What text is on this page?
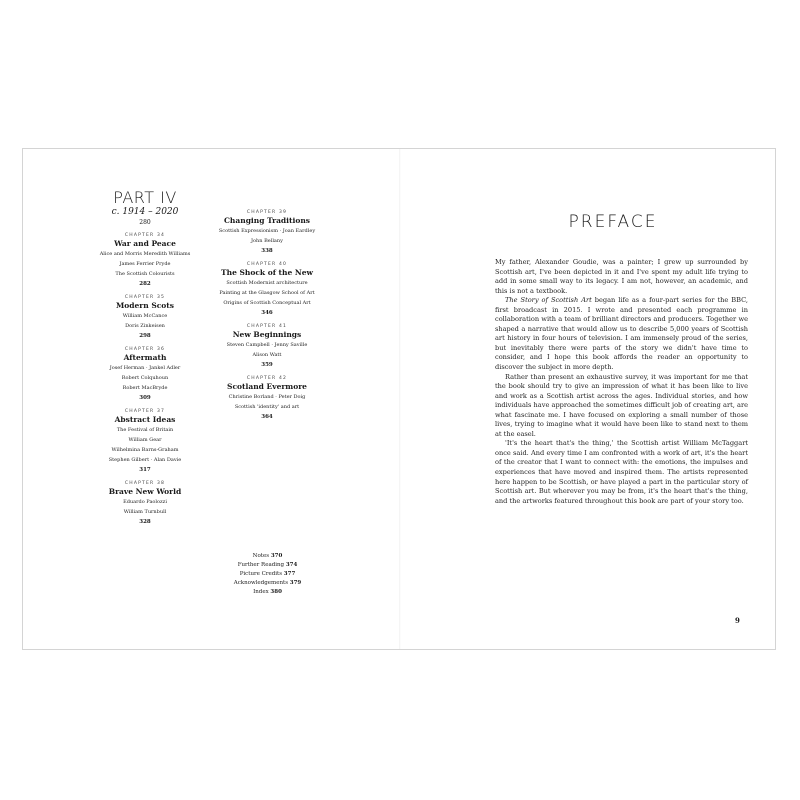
PART IV
c. 1914 – 2020
280
CHAPTER 34
War and Peace
Alice and Morris Meredith Williams
James Ferrier Pryde
The Scottish Colourists
282
CHAPTER 35
Modern Scots
William McCance
Doris Zinkeisen
298
CHAPTER 36
Aftermath
Josef Herman · Jankel Adler
Robert Colquhoun
Robert MacBryde
309
CHAPTER 37
Abstract Ideas
The Festival of Britain
William Gear
Wilhelmina Barns-Graham
Stephen Gilbert · Alan Davie
317
CHAPTER 38
Brave New World
Eduardo Paolozzi
William Turnbull
328
CHAPTER 39
Changing Traditions
Scottish Expressionism · Joan Eardley
John Bellany
338
CHAPTER 40
The Shock of the New
Scottish Modernist architecture
Painting at the Glasgow School of Art
Origins of Scottish Conceptual Art
346
CHAPTER 41
New Beginnings
Steven Campbell · Jenny Saville
Alison Watt
359
CHAPTER 42
Scotland Evermore
Christine Borland · Peter Doig
Scottish 'identity' and art
364
Notes 370
Further Reading 374
Picture Credits 377
Acknowledgements 379
Index 380
PREFACE

My father, Alexander Goudie, was a painter; I grew up surrounded by Scottish art, I've been depicted in it and I've spent my adult life trying to add in some small way to its legacy. I am not, however, an academic, and this is not a textbook.

The Story of Scottish Art began life as a four-part series for the BBC, first broadcast in 2015. I wrote and presented each programme in collaboration with a team of brilliant directors and producers. Together we shaped a narrative that would allow us to describe 5,000 years of Scottish art history in four hours of television. I am immensely proud of the series, but inevitably there were parts of the story we didn't have time to consider, and I hope this book affords the reader an opportunity to discover the subject in more depth.

Rather than present an exhaustive survey, it was important for me that the book should try to give an impression of what it has been like to live and work as a Scottish artist across the ages. Individual stories, and how individuals have approached the sometimes difficult job of creating art, are what fascinate me. I have focused on exploring a small number of those lives, trying to imagine what it would have been like to stand next to them at the easel.

'It's the heart that's the thing,' the Scottish artist William McTaggart once said. And every time I am confronted with a work of art, it's the heart of the creator that I want to connect with: the emotions, the impulses and experiences that have moved and inspired them. The artists represented here happen to be Scottish, or have played a part in the particular story of Scottish art. But wherever you may be from, it's the heart that's the thing, and the artworks featured throughout this book are part of your story too.

9
